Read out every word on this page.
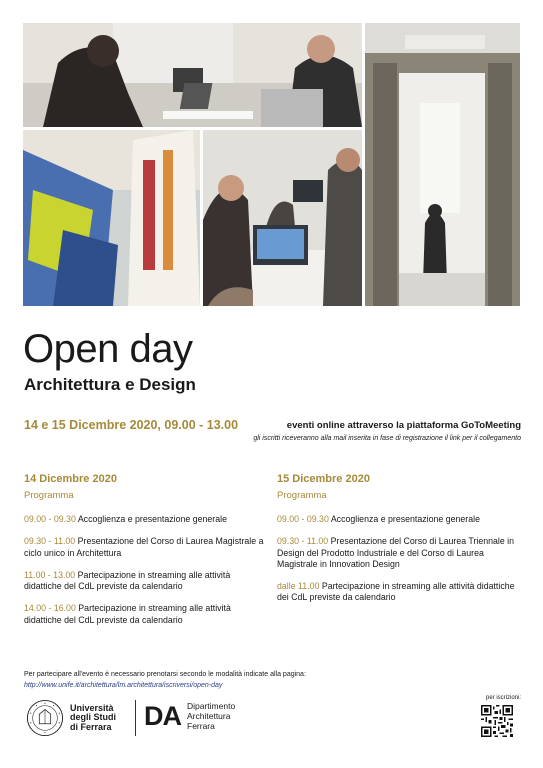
Open day
Architettura e Design
14 e 15 Dicembre 2020, 09.00 - 13.00	eventi online attraverso la piattaforma GoToMeeting
gli iscritti riceveranno alla mail inserita in fase di registrazione il link per il collegamento
14 Dicembre 2020
Programma
09.00 - 09.30 Accoglienza e presentazione generale
09.30 - 11.00 Presentazione del Corso di Laurea Magistrale a ciclo unico in Architettura
11.00 - 13.00 Partecipazione in streaming alle attività didattiche del CdL previste da calendario
14.00 - 16.00 Partecipazione in streaming alle attività didattiche del CdL previste da calendario
15 Dicembre 2020
Programma
09.00 - 09.30 Accoglienza e presentazione generale
09.30 - 11.00 Presentazione del Corso di Laurea Triennale in Design del Prodotto Industriale e del Corso di Laurea Magistrale in Innovation Design
dalle 11.00 Partecipazione in streaming alle attività didattiche dei CdL previste da calendario
Per partecipare all'evento è necessario prenotarsi secondo le modalità indicate alla pagina:
http://www.unife.it/architettura/lm.architettura/iscriversi/open-day
Università
degli Studi
di Ferrara DA Dipartimento
Architettura
Ferrara
per iscrizioni:
